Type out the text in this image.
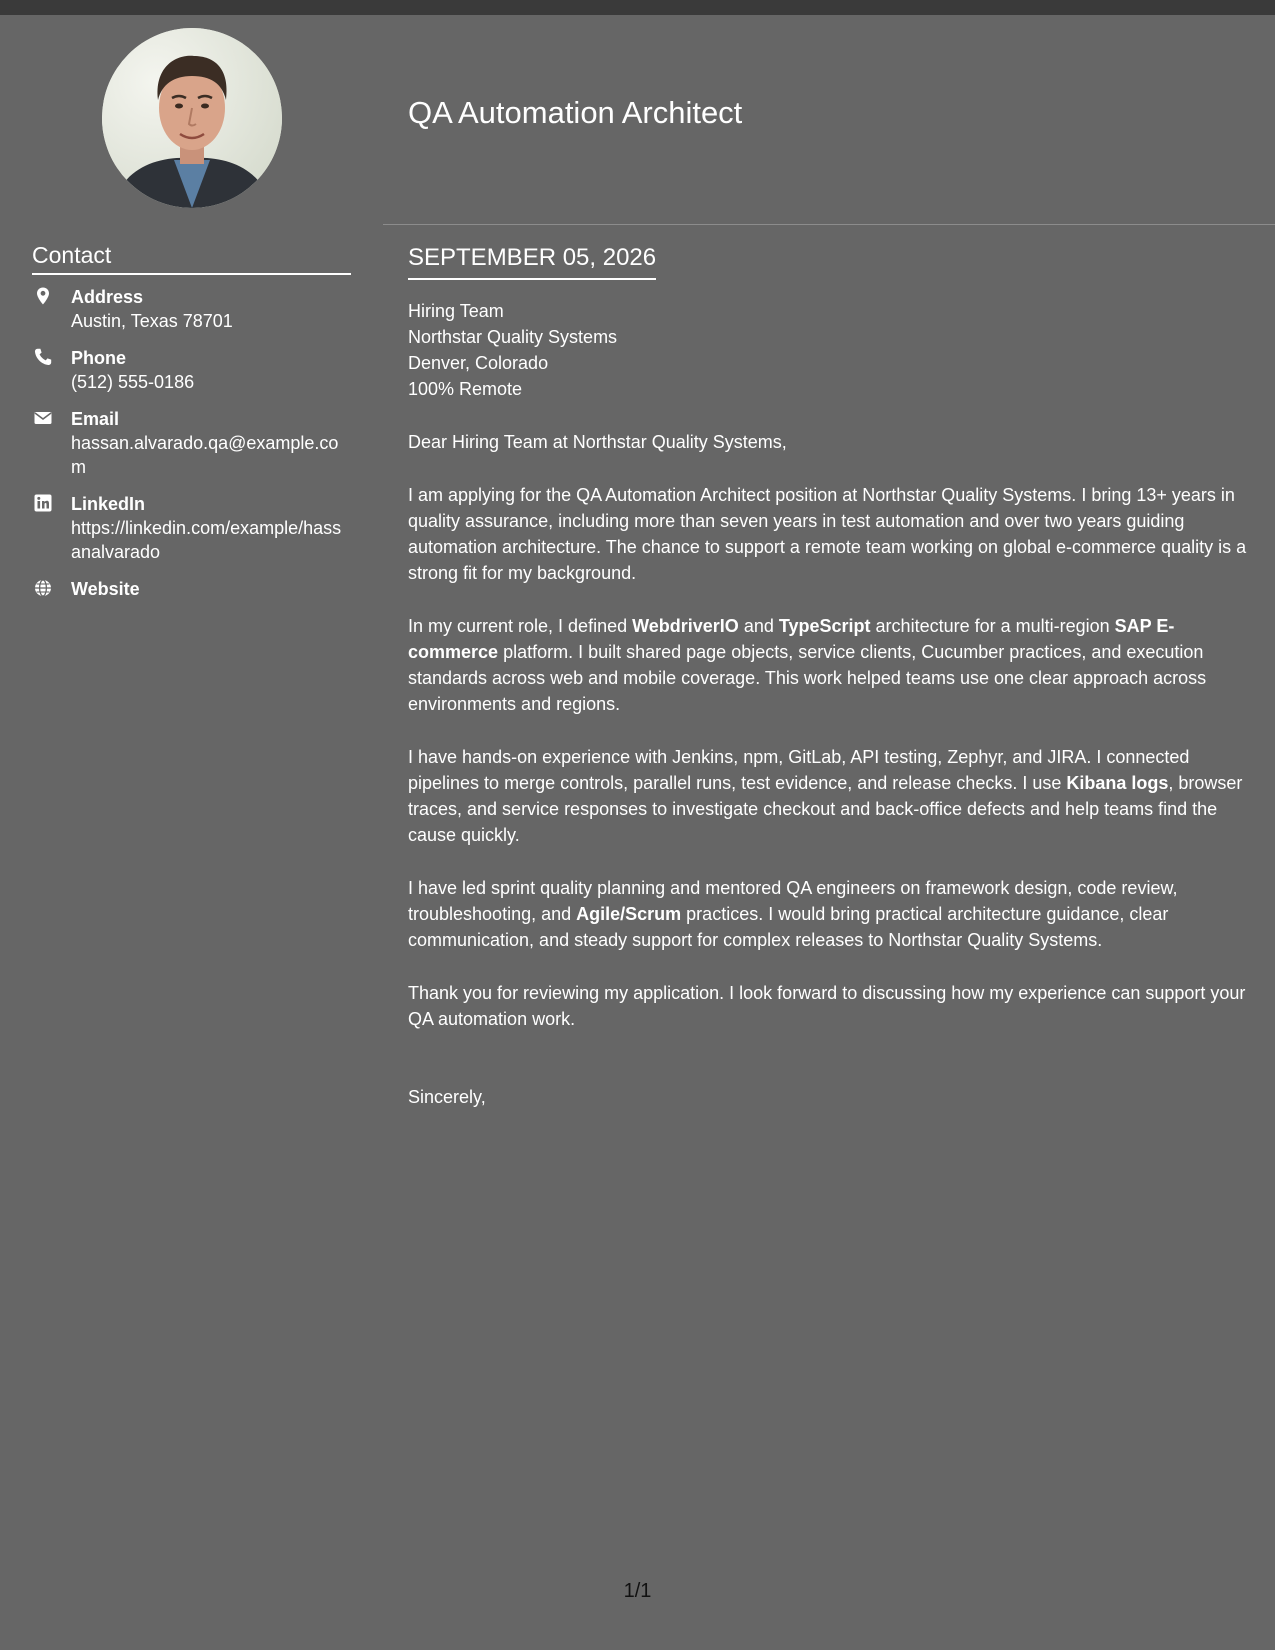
Contact
Address
Austin, Texas 78701
Phone
(512) 555-0186
Email
hassan.alvarado.qa@example.com
LinkedIn
https://linkedin.com/example/hassanalvarado
Website
QA Automation Architect
SEPTEMBER 05, 2026
Hiring Team
Northstar Quality Systems
Denver, Colorado
100% Remote
Dear Hiring Team at Northstar Quality Systems,
I am applying for the QA Automation Architect position at Northstar Quality Systems. I bring 13+ years in quality assurance, including more than seven years in test automation and over two years guiding automation architecture. The chance to support a remote team working on global e-commerce quality is a strong fit for my background.
In my current role, I defined WebdriverIO and TypeScript architecture for a multi-region SAP E-commerce platform. I built shared page objects, service clients, Cucumber practices, and execution standards across web and mobile coverage. This work helped teams use one clear approach across environments and regions.
I have hands-on experience with Jenkins, npm, GitLab, API testing, Zephyr, and JIRA. I connected pipelines to merge controls, parallel runs, test evidence, and release checks. I use Kibana logs, browser traces, and service responses to investigate checkout and back-office defects and help teams find the cause quickly.
I have led sprint quality planning and mentored QA engineers on framework design, code review, troubleshooting, and Agile/Scrum practices. I would bring practical architecture guidance, clear communication, and steady support for complex releases to Northstar Quality Systems.
Thank you for reviewing my application. I look forward to discussing how my experience can support your QA automation work.
Sincerely,
1/1
